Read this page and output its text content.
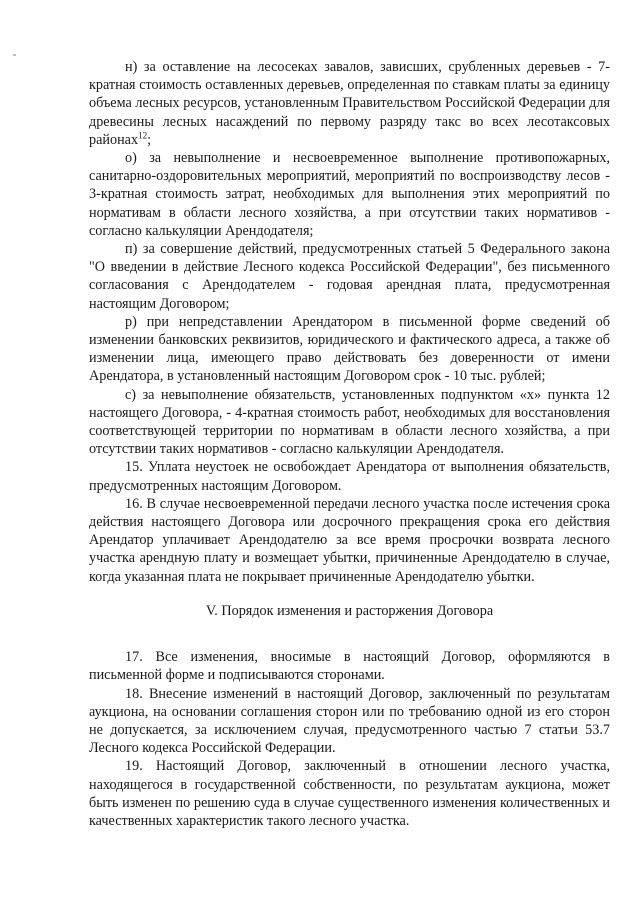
н) за оставление на лесосеках завалов, зависших, срубленных деревьев - 7-кратная стоимость оставленных деревьев, определенная по ставкам платы за единицу объема лесных ресурсов, установленным Правительством Российской Федерации для древесины лесных насаждений по первому разряду такс во всех лесотаксовых районах$^{12}$;

о) за невыполнение и несвоевременное выполнение противопожарных, санитарно-оздоровительных мероприятий, мероприятий по воспроизводству лесов - 3-кратная стоимость затрат, необходимых для выполнения этих мероприятий по нормативам в области лесного хозяйства, а при отсутствии таких нормативов - согласно калькуляции Арендодателя;

п) за совершение действий, предусмотренных статьей 5 Федерального закона "О введении в действие Лесного кодекса Российской Федерации", без письменного согласования с Арендодателем - годовая арендная плата, предусмотренная настоящим Договором;

р) при непредставлении Арендатором в письменной форме сведений об изменении банковских реквизитов, юридического и фактического адреса, а также об изменении лица, имеющего право действовать без доверенности от имени Арендатора, в установленный настоящим Договором срок - 10 тыс. рублей;

с) за невыполнение обязательств, установленных подпунктом «х» пункта 12 настоящего Договора, - 4-кратная стоимость работ, необходимых для восстановления соответствующей территории по нормативам в области лесного хозяйства, а при отсутствии таких нормативов - согласно калькуляции Арендодателя.

15. Уплата неустоек не освобождает Арендатора от выполнения обязательств, предусмотренных настоящим Договором.

16. В случае несвоевременной передачи лесного участка после истечения срока действия настоящего Договора или досрочного прекращения срока его действия Арендатор уплачивает Арендодателю за все время просрочки возврата лесного участка арендную плату и возмещает убытки, причиненные Арендодателю в случае, когда указанная плата не покрывает причиненные Арендодателю убытки.

V. Порядок изменения и расторжения Договора

17. Все изменения, вносимые в настоящий Договор, оформляются в письменной форме и подписываются сторонами.

18. Внесение изменений в настоящий Договор, заключенный по результатам аукциона, на основании соглашения сторон или по требованию одной из его сторон не допускается, за исключением случая, предусмотренного частью 7 статьи 53.7 Лесного кодекса Российской Федерации.

19. Настоящий Договор, заключенный в отношении лесного участка, находящегося в государственной собственности, по результатам аукциона, может быть изменен по решению суда в случае существенного изменения количественных и качественных характеристик такого лесного участка.
